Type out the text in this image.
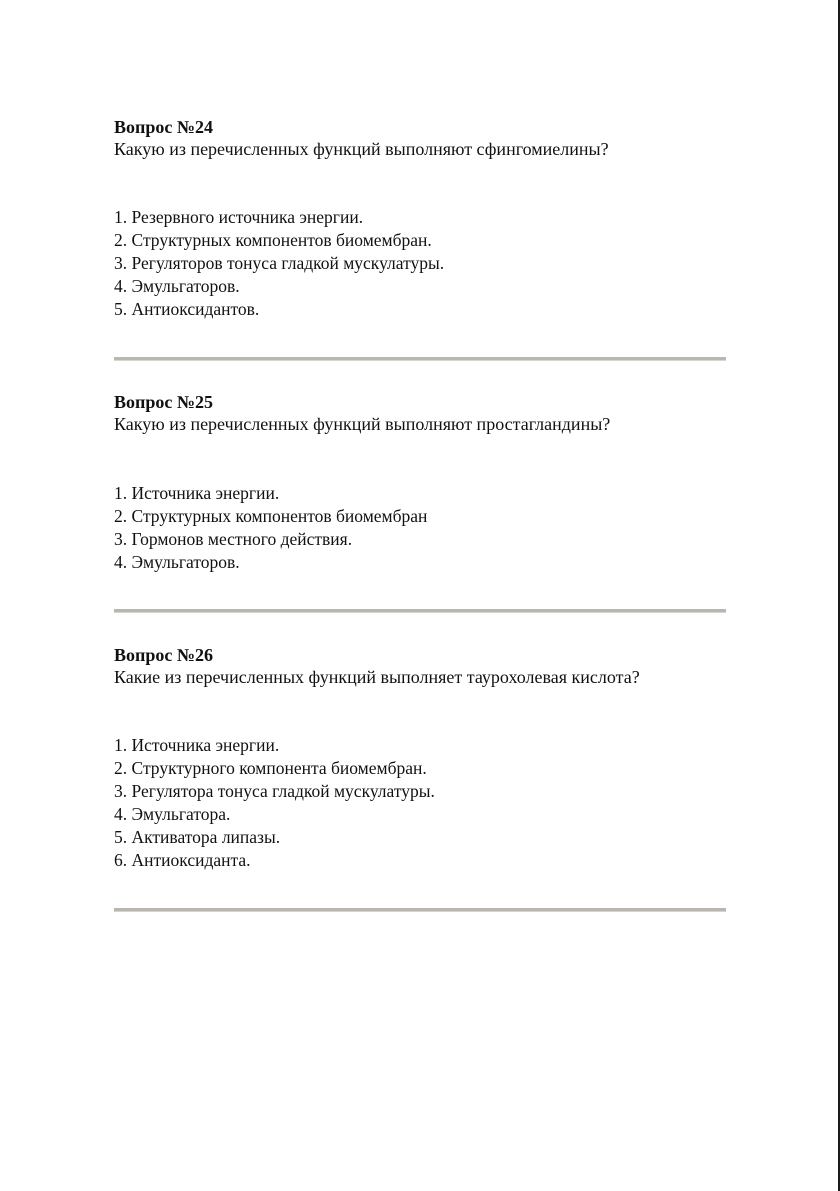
Вопрос №24

Какую из перечисленных функций выполняют сфингомиелины?

1. Резервного источника энергии.
2. Структурных компонентов биомембран.
3. Регуляторов тонуса гладкой мускулатуры.
4. Эмульгаторов.
5. Антиоксидантов.

Вопрос №25

Какую из перечисленных функций выполняют простагландины?

1. Источника энергии.
2. Структурных компонентов биомембран
3. Гормонов местного действия.
4. Эмульгаторов.

Вопрос №26

Какие из перечисленных функций выполняет таурохолевая кислота?

1. Источника энергии.
2. Структурного компонента биомембран.
3. Регулятора тонуса гладкой мускулатуры.
4. Эмульгатора.
5. Активатора липазы.
6. Антиоксиданта.
